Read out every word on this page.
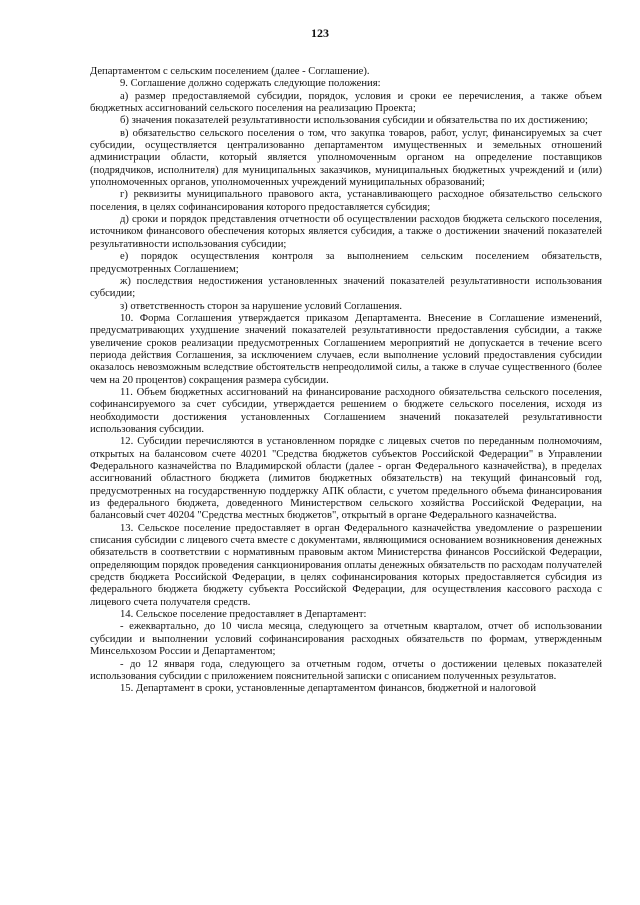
123

Департаментом с сельским поселением (далее - Соглашение).

9. Соглашение должно содержать следующие положения:

а) размер предоставляемой субсидии, порядок, условия и сроки ее перечисления, а также объем бюджетных ассигнований сельского поселения на реализацию Проекта;

б) значения показателей результативности использования субсидии и обязательства по их достижению;

в) обязательство сельского поселения о том, что закупка товаров, работ, услуг, финансируемых за счет субсидии, осуществляется централизованно департаментом имущественных и земельных отношений администрации области, который является уполномоченным органом на определение поставщиков (подрядчиков, исполнителя) для муниципальных заказчиков, муниципальных бюджетных учреждений и (или) уполномоченных органов, уполномоченных учреждений муниципальных образований;

г) реквизиты муниципального правового акта, устанавливающего расходное обязательство сельского поселения, в целях софинансирования которого предоставляется субсидия;

д) сроки и порядок представления отчетности об осуществлении расходов бюджета сельского поселения, источником финансового обеспечения которых является субсидия, а также о достижении значений показателей результативности использования субсидии;

е) порядок осуществления контроля за выполнением сельским поселением обязательств, предусмотренных Соглашением;

ж) последствия недостижения установленных значений показателей результативности использования субсидии;

з) ответственность сторон за нарушение условий Соглашения.

10. Форма Соглашения утверждается приказом Департамента. Внесение в Соглашение изменений, предусматривающих ухудшение значений показателей результативности предоставления субсидии, а также увеличение сроков реализации предусмотренных Соглашением мероприятий не допускается в течение всего периода действия Соглашения, за исключением случаев, если выполнение условий предоставления субсидии оказалось невозможным вследствие обстоятельств непреодолимой силы, а также в случае существенного (более чем на 20 процентов) сокращения размера субсидии.

11. Объем бюджетных ассигнований на финансирование расходного обязательства сельского поселения, софинансируемого за счет субсидии, утверждается решением о бюджете сельского поселения, исходя из необходимости достижения установленных Соглашением значений показателей результативности использования субсидии.

12. Субсидии перечисляются в установленном порядке с лицевых счетов по переданным полномочиям, открытых на балансовом счете 40201 "Средства бюджетов субъектов Российской Федерации" в Управлении Федерального казначейства по Владимирской области (далее - орган Федерального казначейства), в пределах ассигнований областного бюджета (лимитов бюджетных обязательств) на текущий финансовый год, предусмотренных на государственную поддержку АПК области, с учетом предельного объема финансирования из федерального бюджета, доведенного Министерством сельского хозяйства Российской Федерации, на балансовый счет 40204 "Средства местных бюджетов", открытый в органе Федерального казначейства.

13. Сельское поселение предоставляет в орган Федерального казначейства уведомление о разрешении списания субсидии с лицевого счета вместе с документами, являющимися основанием возникновения денежных обязательств в соответствии с нормативным правовым актом Министерства финансов Российской Федерации, определяющим порядок проведения санкционирования оплаты денежных обязательств по расходам получателей средств бюджета Российской Федерации, в целях софинансирования которых предоставляется субсидия из федерального бюджета бюджету субъекта Российской Федерации, для осуществления кассового расхода с лицевого счета получателя средств.

14. Сельское поселение предоставляет в Департамент:

- ежеквартально, до 10 числа месяца, следующего за отчетным кварталом, отчет об использовании субсидии и выполнении условий софинансирования расходных обязательств по формам, утвержденным Минсельхозом России и Департаментом;

- до 12 января года, следующего за отчетным годом, отчеты о достижении целевых показателей использования субсидии с приложением пояснительной записки с описанием полученных результатов.

15. Департамент в сроки, установленные департаментом финансов, бюджетной и налоговой
